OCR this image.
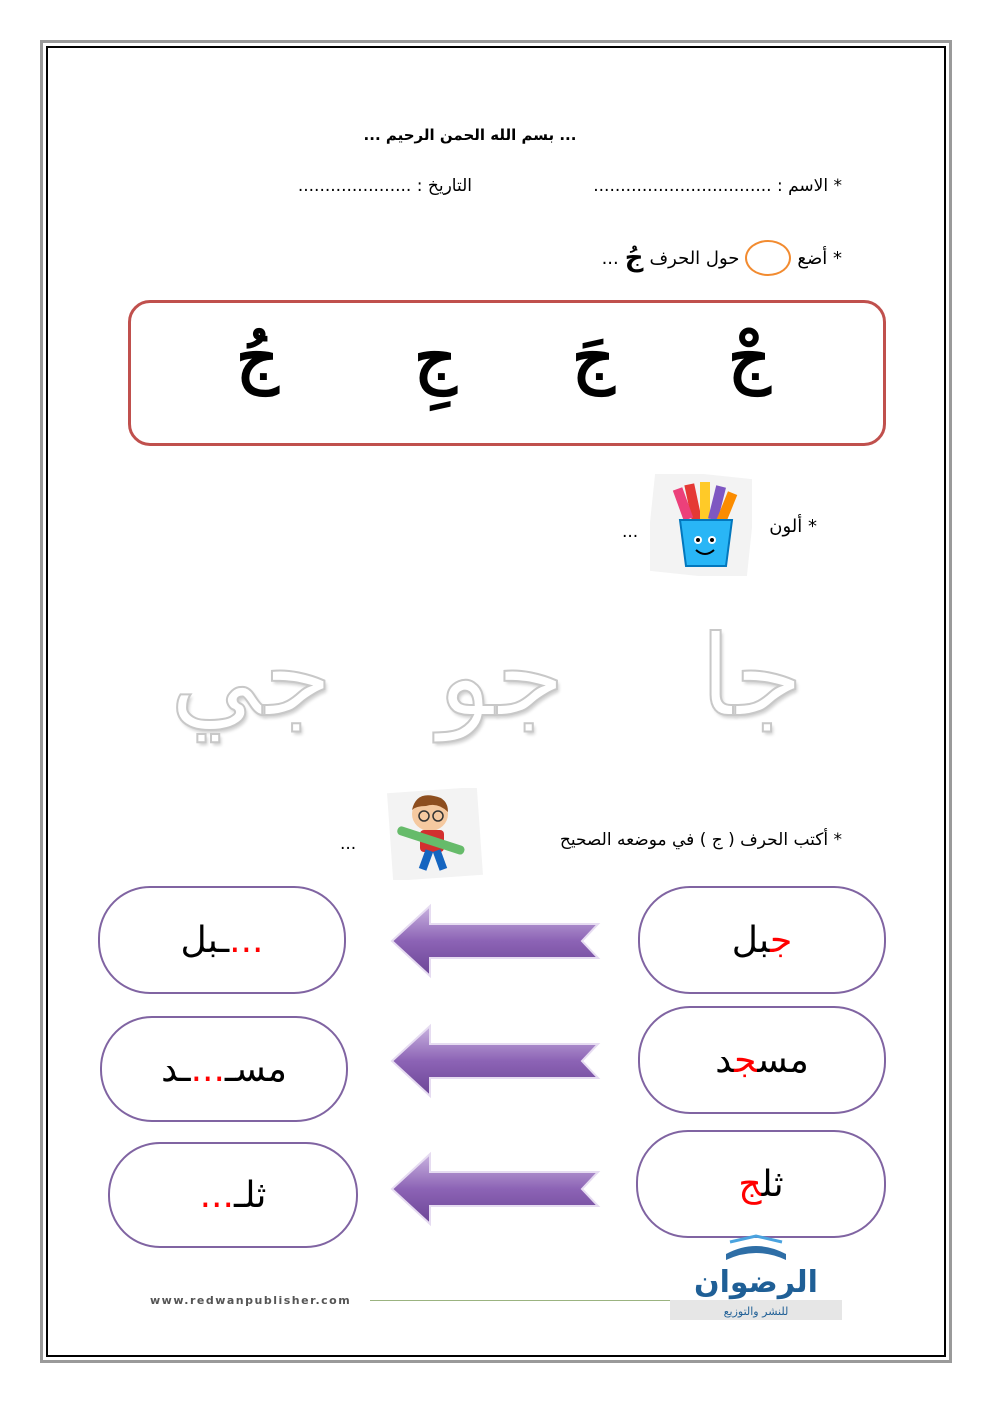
... بسم الله الحمن الرحيم ...
* الاسم : .................................
التاريخ : .....................
* أضع
حول الحرف
جُ
...
جْ
جَ
جِ
جُ
* ألون
...
جا
جو
جي
* أكتب الحرف ( ج ) في موضعه الصحيح
...
جبل
...ـبل
مسجد
مسـ...ـد
ثلج
ثلـ...
www.redwanpublisher.com
الرضوان
للنشر والتوزيع
